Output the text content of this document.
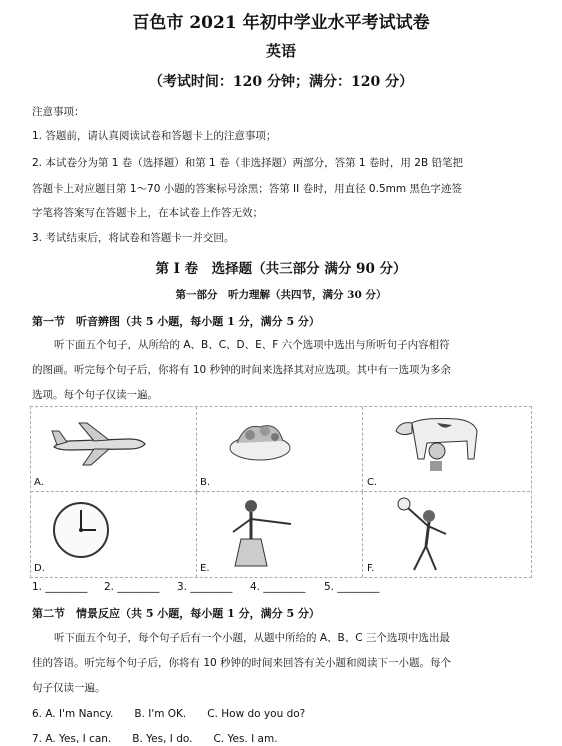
百色市 2021 年初中学业水平考试试卷
英语
（考试时间：120 分钟；满分：120 分）
注意事项：
1. 答题前，请认真阅读试卷和答题卡上的注意事项；
2. 本试卷分为第 1 卷（选择题）和第 1 卷（非选择题）两部分，答第 1 卷时，用 2B 铅笔把
答题卡上对应题目第 1～70 小题的答案标号涂黑；答第 II 卷时，用直径 0.5mm 黑色字迹签
字笔将答案写在答题卡上，在本试卷上作答无效；
3. 考试结束后，将试卷和答题卡一并交回。
第 I 卷　选择题（共三部分 满分 90 分）
第一部分　听力理解（共四节，满分 30 分）
第一节　听音辨图（共 5 小题，每小题 1 分，满分 5 分）
听下面五个句子，从所给的 A、B、C、D、E、F 六个选项中选出与所听句子内容相符
的图画。听完每个句子后，你将有 10 秒钟的时间来选择其对应选项。其中有一选项为多余
选项。每个句子仅读一遍。
A.	B.	C.
D.	E.	F.
1. ________ 2. ________ 3. ________ 4. ________ 5. ________
第二节　情景反应（共 5 小题，每小题 1 分，满分 5 分）
听下面五个句子，每个句子后有一个小题，从题中所给的 A、B、C 三个选项中选出最
佳的答语。听完每个句子后，你将有 10 秒钟的时间来回答有关小题和阅读下一小题。每个
句子仅读一遍。
6. A. I'm Nancy.　　B. I'm OK.　　C. How do you do?
7. A. Yes, I can.　　B. Yes, I do.　　C. Yes. I am.
